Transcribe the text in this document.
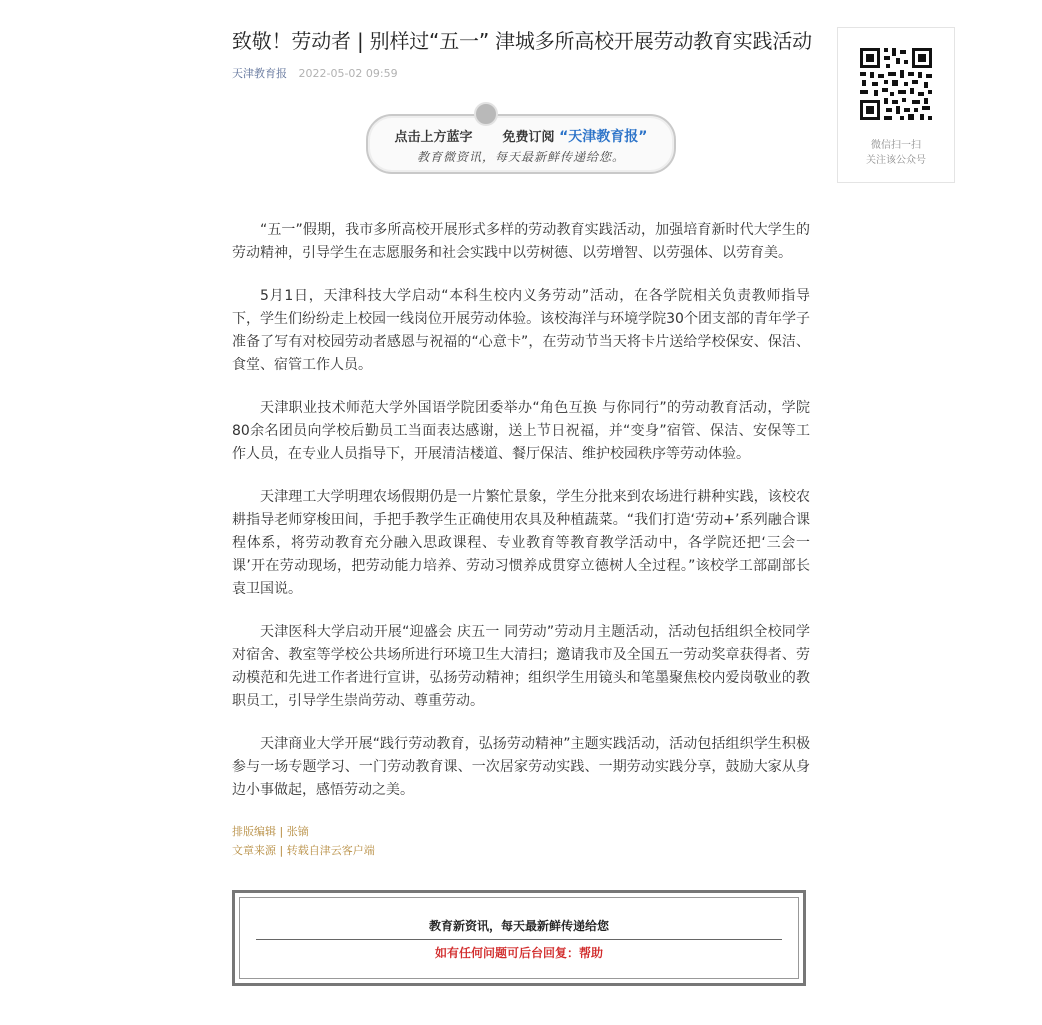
致敬！劳动者 | 别样过“五一” 津城多所高校开展劳动教育实践活动
天津教育报 2022-05-02 09:59
点击上方蓝字 免费订阅 “天津教育报”
教育微资讯，每天最新鲜传递给您。

“五一”假期，我市多所高校开展形式多样的劳动教育实践活动，加强培育新时代大学生的劳动精神，引导学生在志愿服务和社会实践中以劳树德、以劳增智、以劳强体、以劳育美。

5月1日，天津科技大学启动“本科生校内义务劳动”活动，在各学院相关负责教师指导下，学生们纷纷走上校园一线岗位开展劳动体验。该校海洋与环境学院30个团支部的青年学子准备了写有对校园劳动者感恩与祝福的“心意卡”，在劳动节当天将卡片送给学校保安、保洁、食堂、宿管工作人员。

天津职业技术师范大学外国语学院团委举办“角色互换 与你同行”的劳动教育活动，学院80余名团员向学校后勤员工当面表达感谢，送上节日祝福，并“变身”宿管、保洁、安保等工作人员，在专业人员指导下，开展清洁楼道、餐厅保洁、维护校园秩序等劳动体验。

天津理工大学明理农场假期仍是一片繁忙景象，学生分批来到农场进行耕种实践，该校农耕指导老师穿梭田间，手把手教学生正确使用农具及种植蔬菜。“我们打造‘劳动+’系列融合课程体系，将劳动教育充分融入思政课程、专业教育等教育教学活动中，各学院还把‘三会一课’开在劳动现场，把劳动能力培养、劳动习惯养成贯穿立德树人全过程。”该校学工部副部长袁卫国说。

天津医科大学启动开展“迎盛会 庆五一 同劳动”劳动月主题活动，活动包括组织全校同学对宿舍、教室等学校公共场所进行环境卫生大清扫；邀请我市及全国五一劳动奖章获得者、劳动模范和先进工作者进行宣讲，弘扬劳动精神；组织学生用镜头和笔墨聚焦校内爱岗敬业的教职员工，引导学生崇尚劳动、尊重劳动。

天津商业大学开展“践行劳动教育，弘扬劳动精神”主题实践活动，活动包括组织学生积极参与一场专题学习、一门劳动教育课、一次居家劳动实践、一期劳动实践分享，鼓励大家从身边小事做起，感悟劳动之美。

排版编辑 | 张镝
文章来源 | 转载自津云客户端
教育新资讯，每天最新鲜传递给您
如有任何问题可后台回复：帮助
微信扫一扫
关注该公众号
